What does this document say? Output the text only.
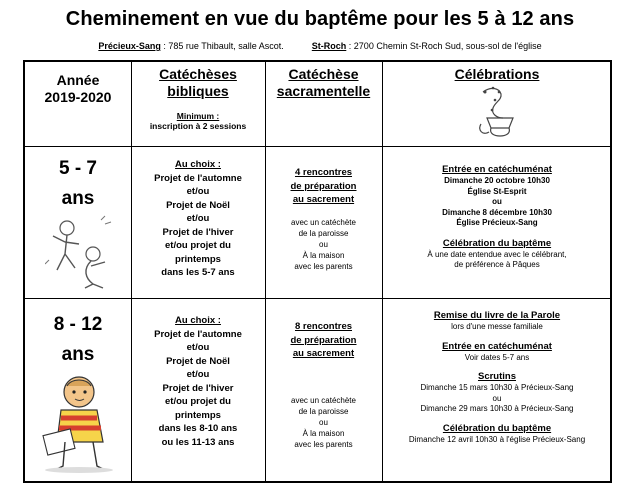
Cheminement en vue du baptême pour les 5 à 12 ans
Précieux-Sang : 785 rue Thibault, salle Ascot.	St-Roch : 2700 Chemin St-Roch Sud, sous-sol de l'église
Année
2019-2020
Catéchèses
bibliques
Minimum :
inscription à 2 sessions
Catéchèse
sacramentelle
Célébrations
5 - 7
ans
Au choix :
Projet de l'automne
et/ou
Projet de Noël
et/ou
Projet de l'hiver
et/ou projet du
printemps
dans les 5-7 ans
4 rencontres
de préparation
au sacrement
avec un catéchète
de la paroisse
ou
À la maison
avec les parents
Entrée en catéchuménat
Dimanche 20 octobre 10h30
Église St-Esprit
ou
Dimanche 8 décembre 10h30
Église Précieux-Sang
Célébration du baptême
À une date entendue avec le célébrant,
de préférence à Pâques
8 - 12
ans
Au choix :
Projet de l'automne
et/ou
Projet de Noël
et/ou
Projet de l'hiver
et/ou projet du
printemps
dans les 8-10 ans
ou les 11-13 ans
8 rencontres
de préparation
au sacrement
avec un catéchète
de la paroisse
ou
À la maison
avec les parents
Remise du livre de la Parole
lors d'une messe familiale
Entrée en catéchuménat
Voir dates 5-7 ans
Scrutins
Dimanche 15 mars 10h30 à Précieux-Sang
ou
Dimanche 29 mars 10h30 à Précieux-Sang
Célébration du baptême
Dimanche 12 avril 10h30 à l'église Précieux-Sang
